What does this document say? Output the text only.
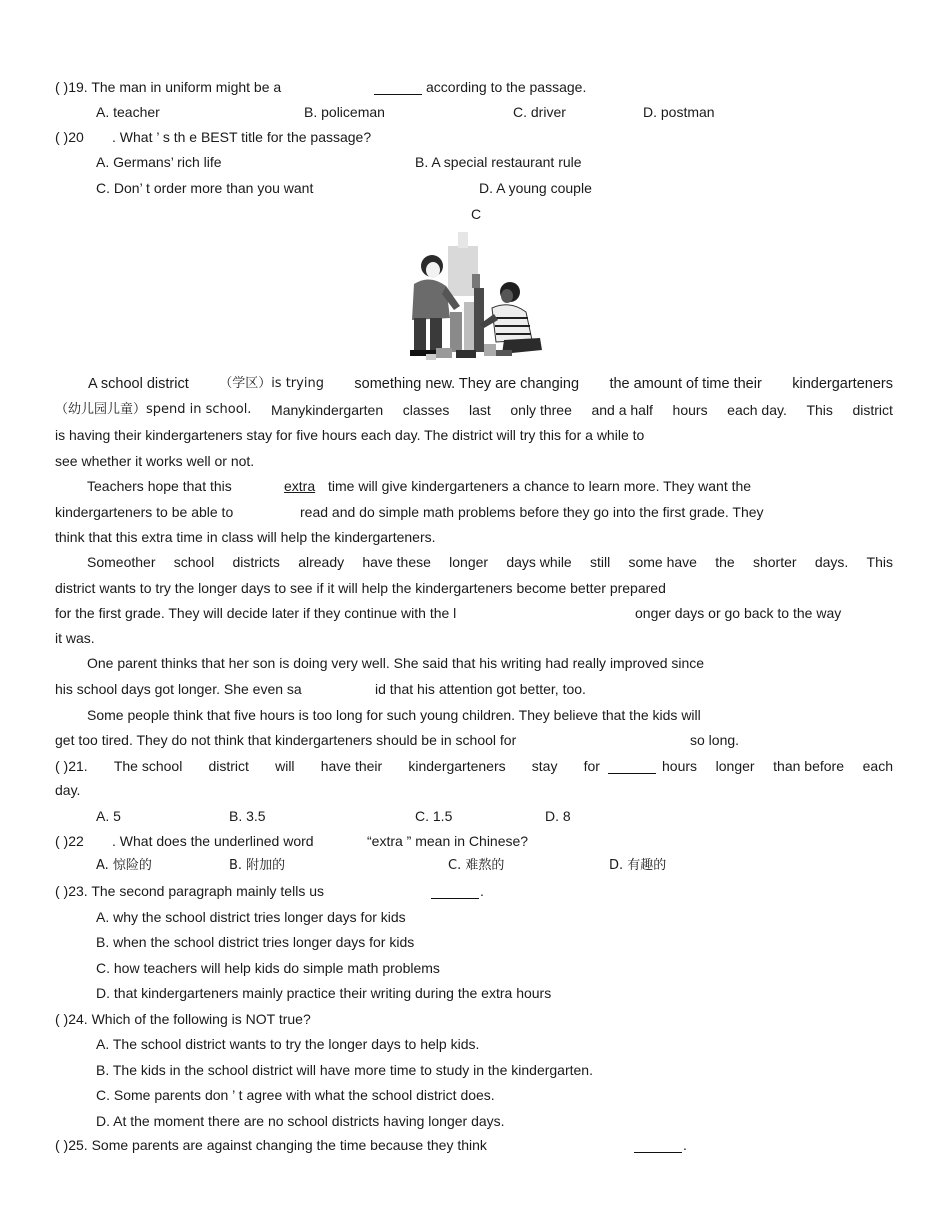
( )19. The man in uniform might be a	according to the passage.
A. teacher	B. policeman	C. driver	D. postman
( )20 . What ’ s th e BEST title for the passage?
A. Germans’ rich life	B. A special restaurant rule
C. Don’ t order more than you want	D. A young couple
C
A school district （学区）is trying something new. They are changing the amount of time their kindergarteners
（幼儿园儿童）spend in school. Manykindergarten classes last only three and a half hours each day. This district
is having their kindergarteners stay for five hours each day. The district will try this for a while to
see whether it works well or not.
Teachers hope that this	extra time will give kindergarteners a chance to learn more. They want the
kindergarteners to be able to	read and do simple math problems before they go into the first grade. They
think that this extra time in class will help the kindergarteners.
Someother school districts already have these longer days while still some have the shorter days. This
district wants to try the longer days to see if it will help the kindergarteners become better prepared
for the first grade. They will decide later if they continue with the l	onger days or go back to the way
it was.
One parent thinks that her son is doing very well. She said that his writing had really improved since
his school days got longer. She even sa	id that his attention got better, too.
Some people think that five hours is too long for such young children. They believe that the kids will
get too tired. They do not think that kindergarteners should be in school for	so long.
( )21. The school district will have their kindergarteners stay for	hours longer than before each
day.
A. 5	B. 3.5	C. 1.5	D. 8
( )22 . What does the underlined word	“extra ” mean in Chinese?
A. 惊险的	B. 附加的	C. 难熬的	D. 有趣的
( )23. The second paragraph mainly tells us	.
A. why the school district tries longer days for kids
B. when the school district tries longer days for kids
C. how teachers will help kids do simple math problems
D. that kindergarteners mainly practice their writing during the extra hours
( )24. Which of the following is NOT true?
A. The school district wants to try the longer days to help kids.
B. The kids in the school district will have more time to study in the kindergarten.
C. Some parents don ’ t agree with what the school district does.
D. At the moment there are no school districts having longer days.
( )25. Some parents are against changing the time because they think	.
